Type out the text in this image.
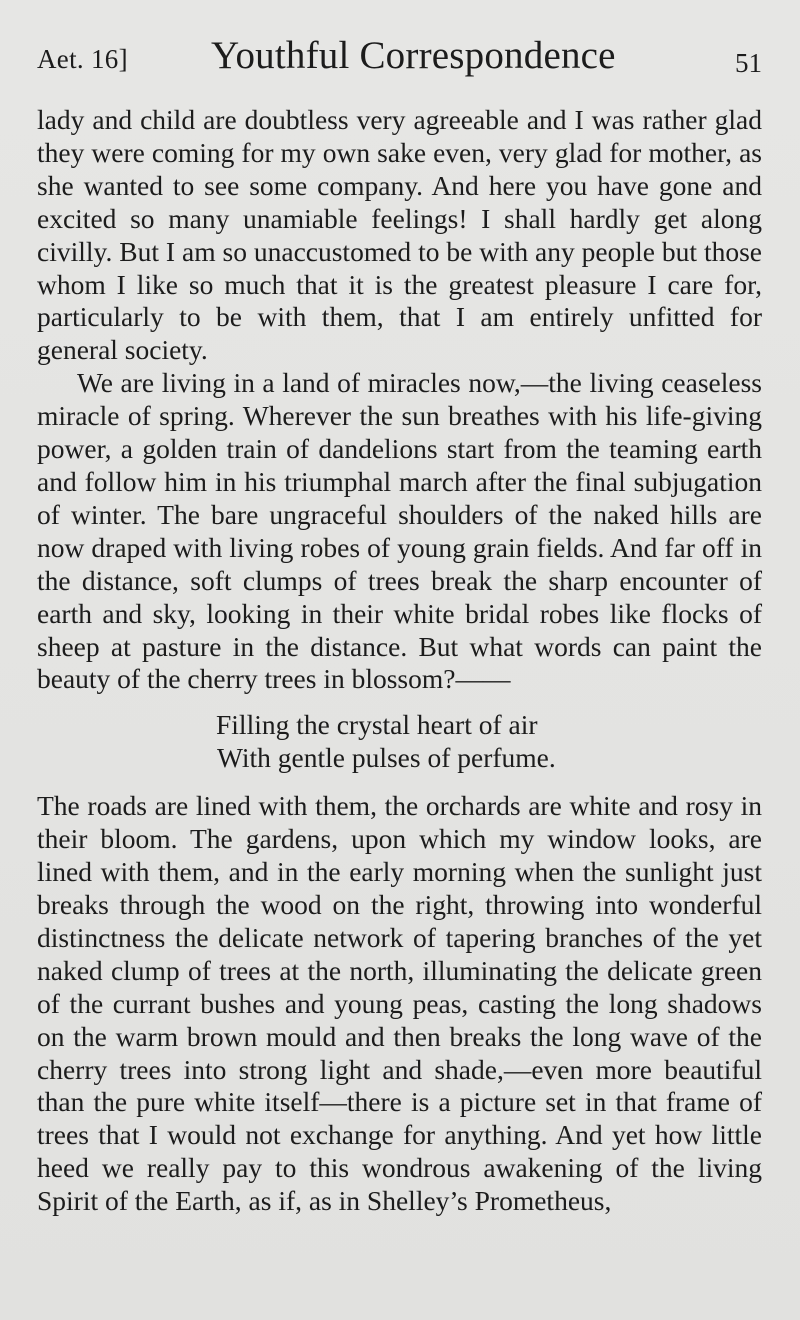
Aet. 16] Youthful Correspondence	51

lady and child are doubtless very agreeable and I was rather glad they were coming for my own sake even, very glad for mother, as she wanted to see some company. And here you have gone and excited so many unamiable feelings! I shall hardly get along civilly. But I am so unaccustomed to be with any people but those whom I like so much that it is the greatest pleasure I care for, particularly to be with them, that I am entirely unfitted for general society.

We are living in a land of miracles now,—the living ceaseless miracle of spring. Wherever the sun breathes with his life-giving power, a golden train of dandelions start from the teaming earth and follow him in his triumphal march after the final subjugation of winter. The bare ungraceful shoulders of the naked hills are now draped with living robes of young grain fields. And far off in the distance, soft clumps of trees break the sharp encounter of earth and sky, looking in their white bridal robes like flocks of sheep at pasture in the distance. But what words can paint the beauty of the cherry trees in blossom?——

Filling the crystal heart of air
With gentle pulses of perfume.

The roads are lined with them, the orchards are white and rosy in their bloom. The gardens, upon which my window looks, are lined with them, and in the early morning when the sunlight just breaks through the wood on the right, throwing into wonderful distinctness the delicate network of tapering branches of the yet naked clump of trees at the north, illuminating the delicate green of the currant bushes and young peas, casting the long shadows on the warm brown mould and then breaks the long wave of the cherry trees into strong light and shade,—even more beautiful than the pure white itself—there is a picture set in that frame of trees that I would not exchange for anything. And yet how little heed we really pay to this wondrous awakening of the living Spirit of the Earth, as if, as in Shelley’s Prometheus,
